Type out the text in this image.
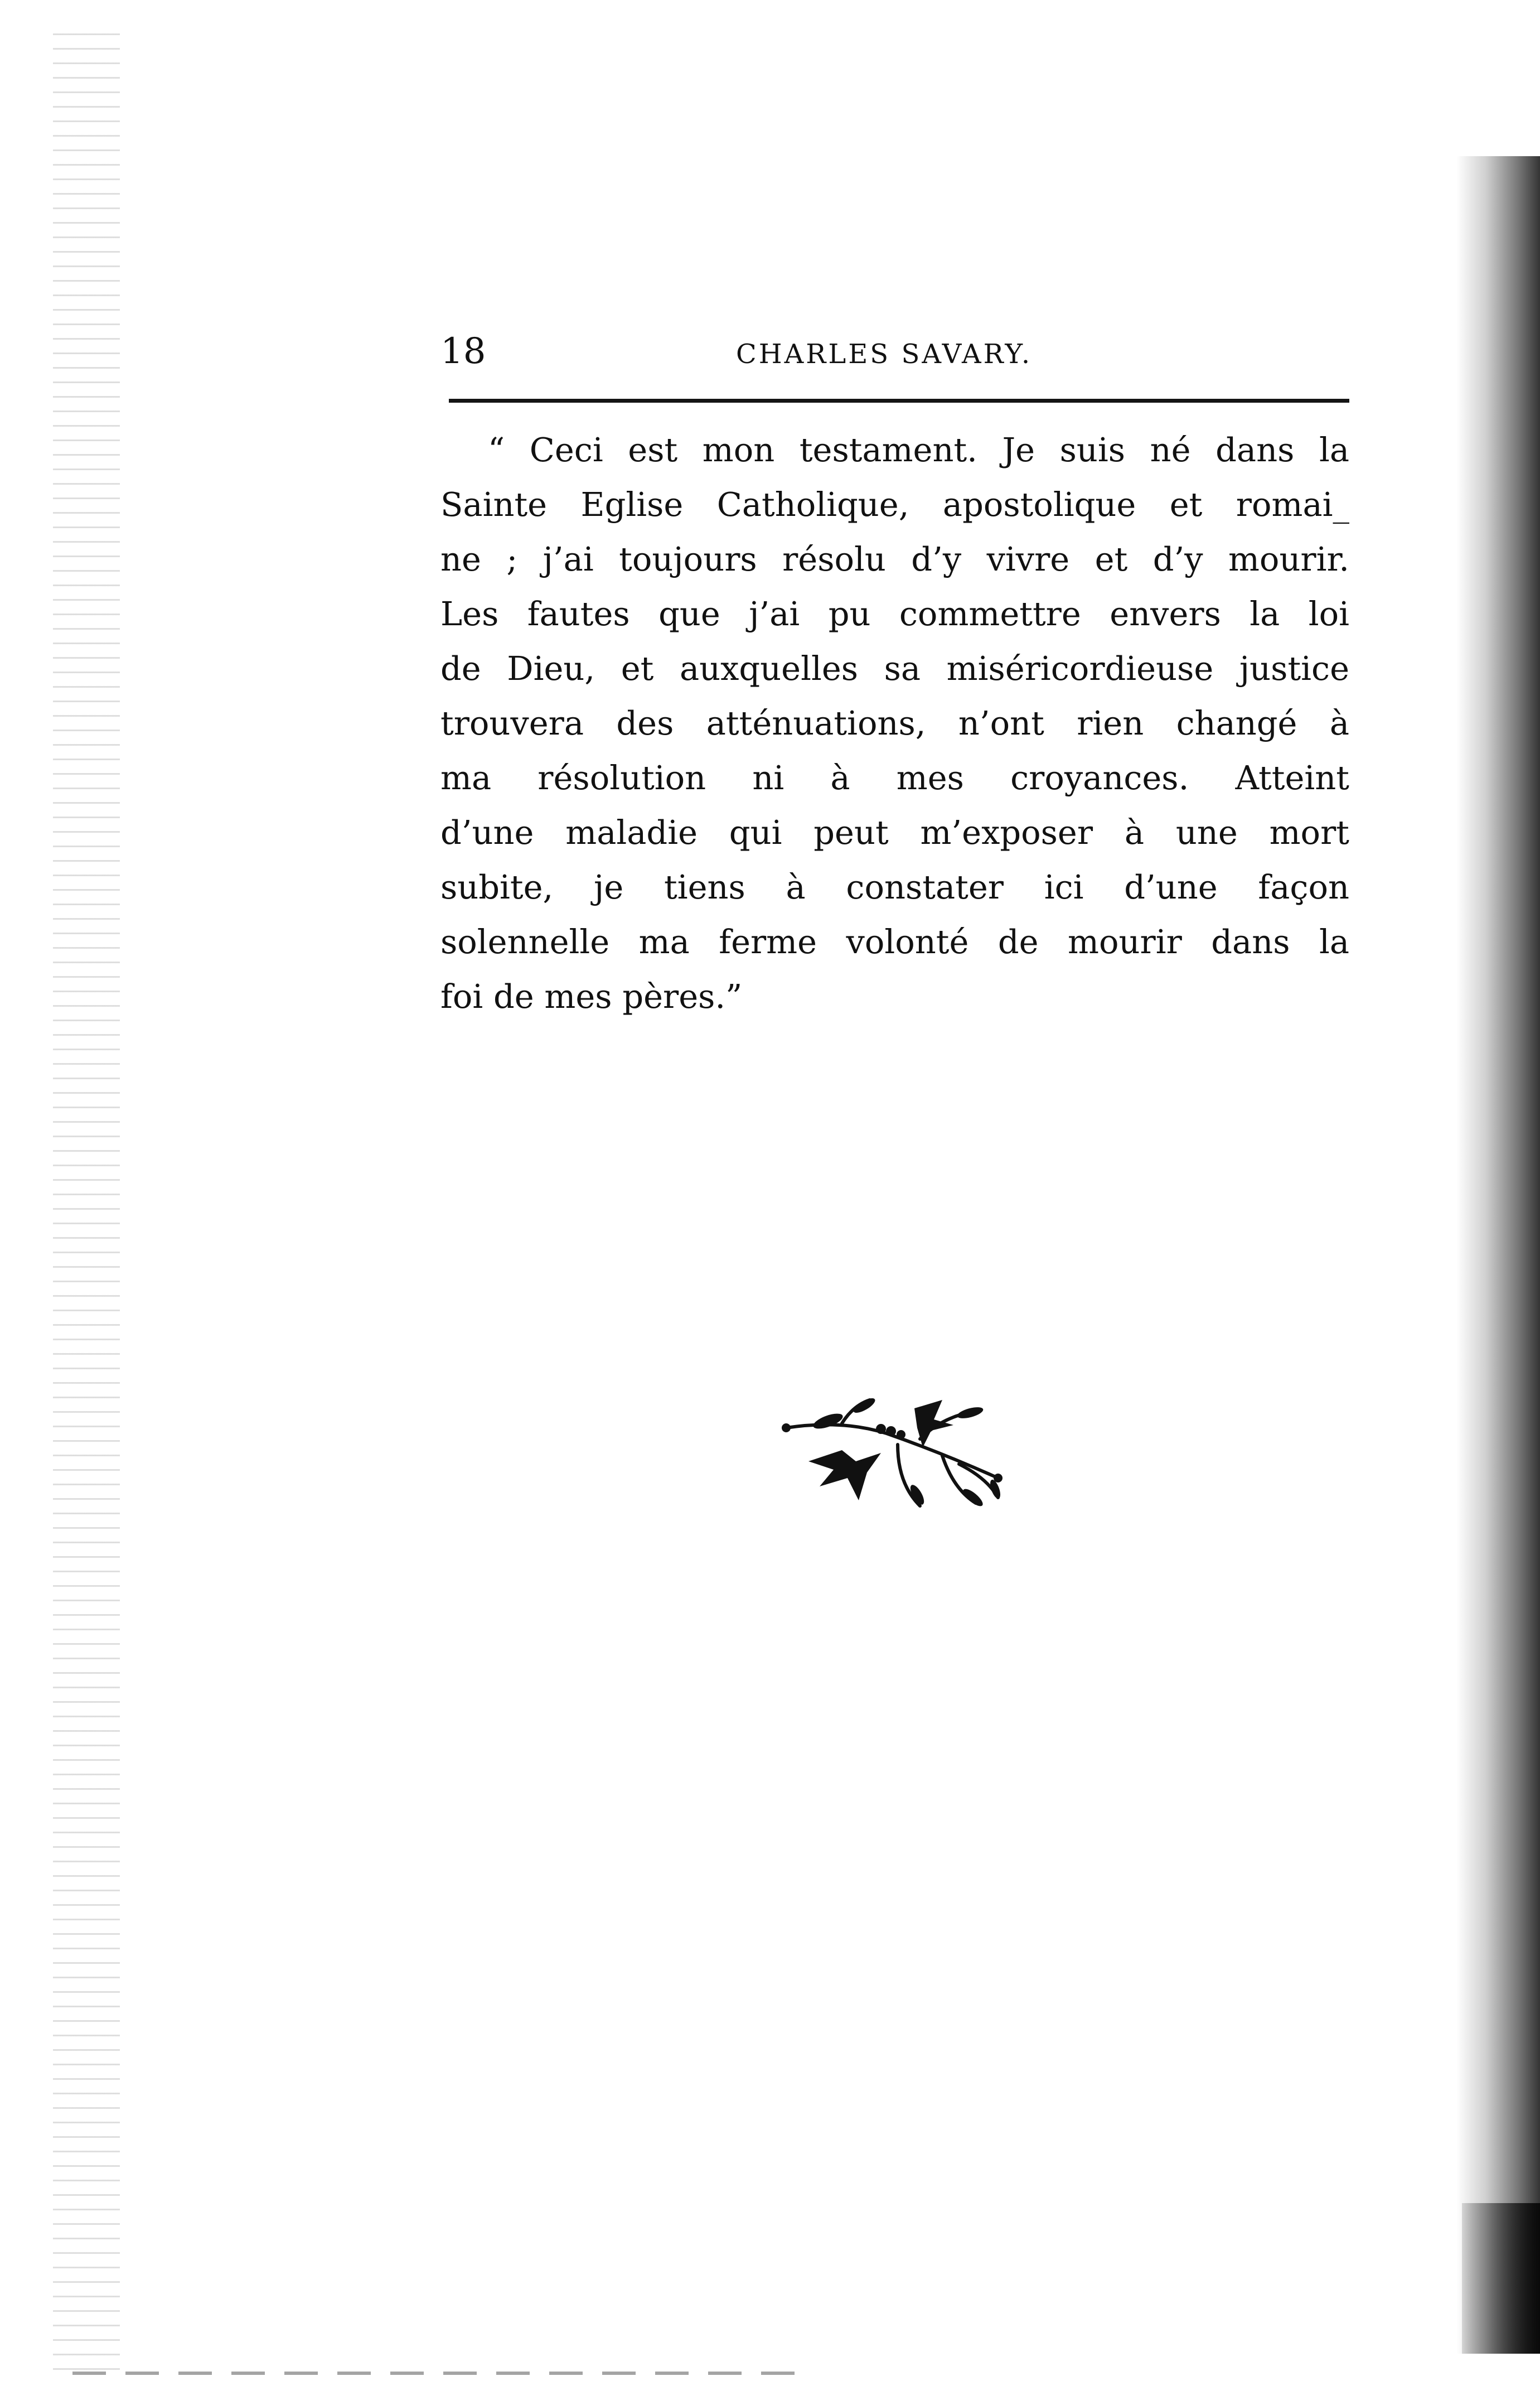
18	CHARLES SAVARY.
“ Ceci est mon testament. Je suis né dans la
Sainte Eglise Catholique, apostolique et romai_
ne ; j’ai toujours résolu d’y vivre et d’y mourir.
Les fautes que j’ai pu commettre envers la loi
de Dieu, et auxquelles sa miséricordieuse justice
trouvera des atténuations, n’ont rien changé à
ma résolution ni à mes croyances. Atteint
d’une maladie qui peut m’exposer à une mort
subite, je tiens à constater ici d’une façon
solennelle ma ferme volonté de mourir dans la
foi de mes pères.”
